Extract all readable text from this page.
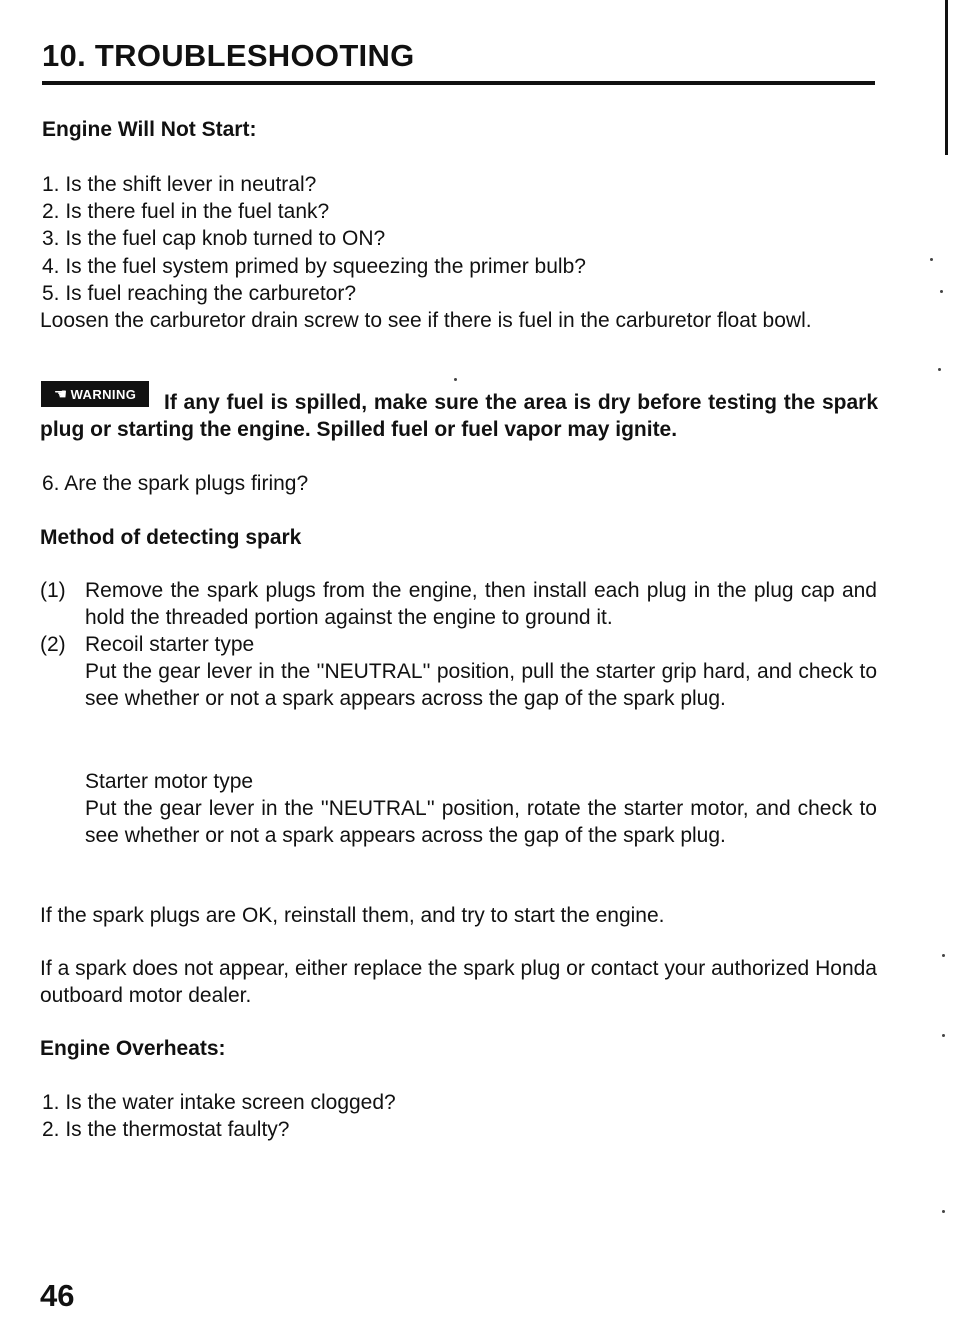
10. TROUBLESHOOTING

Engine Will Not Start:

1. Is the shift lever in neutral?

2. Is there fuel in the fuel tank?

3. Is the fuel cap knob turned to ON?

4. Is the fuel system primed by squeezing the primer bulb?

5. Is fuel reaching the carburetor?

Loosen the carburetor drain screw to see if there is fuel in the carburetor float bowl.

☚ WARNING	If any fuel is spilled, make sure the area is dry before testing the spark plug or starting the engine. Spilled fuel or fuel vapor may ignite.

6. Are the spark plugs firing?

Method of detecting spark

(1) Remove the spark plugs from the engine, then install each plug in the plug cap and hold the threaded portion against the engine to ground it.

(2) Recoil starter type

Put the gear lever in the ''NEUTRAL'' position, pull the starter grip hard, and check to see whether or not a spark appears across the gap of the spark plug.

Starter motor type

Put the gear lever in the ''NEUTRAL'' position, rotate the starter motor, and check to see whether or not a spark appears across the gap of the spark plug.

If the spark plugs are OK, reinstall them, and try to start the engine.

If a spark does not appear, either replace the spark plug or contact your authorized Honda outboard motor dealer.

Engine Overheats:

1. Is the water intake screen clogged?

2. Is the thermostat faulty?

46
